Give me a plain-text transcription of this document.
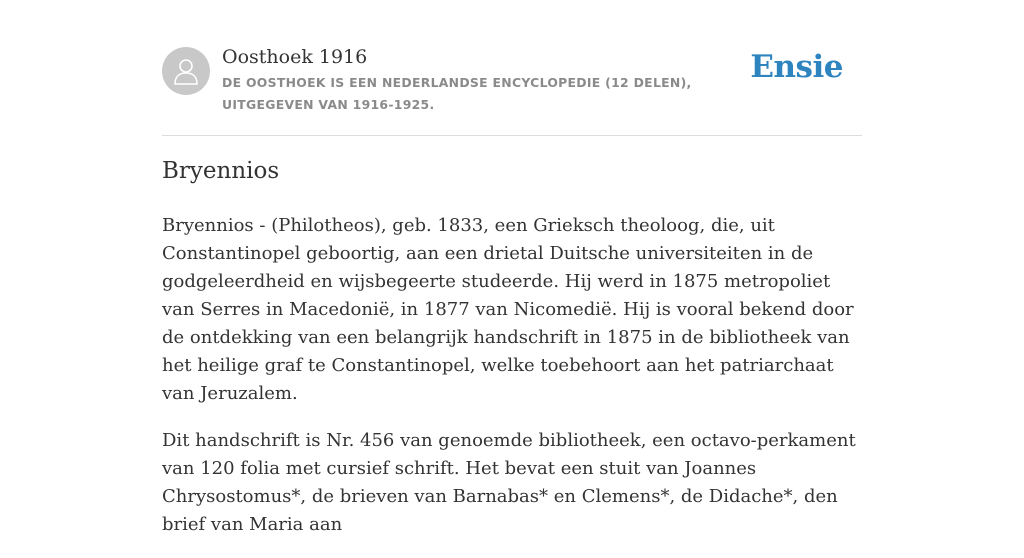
Oosthoek 1916
DE OOSTHOEK IS EEN NEDERLANDSE ENCYCLOPEDIE (12 DELEN), UITGEGEVEN VAN 1916-1925.
Ensie
Bryennios

Bryennios - (Philotheos), geb. 1833, een Grieksch theoloog, die, uit Constantinopel geboortig, aan een drietal Duitsche universiteiten in de godgeleerdheid en wijsbegeerte studeerde. Hij werd in 1875 metropoliet van Serres in Macedonië, in 1877 van Nicomedië. Hij is vooral bekend door de ontdekking van een belangrijk handschrift in 1875 in de bibliotheek van het heilige graf te Constantinopel, welke toebehoort aan het patriarchaat van Jeruzalem.

Dit handschrift is Nr. 456 van genoemde bibliotheek, een octavo-perkament van 120 folia met cursief schrift. Het bevat een stuit van Joannes Chrysostomus*, de brieven van Barnabas* en Clemens*, de Didache*, den brief van Maria aan
